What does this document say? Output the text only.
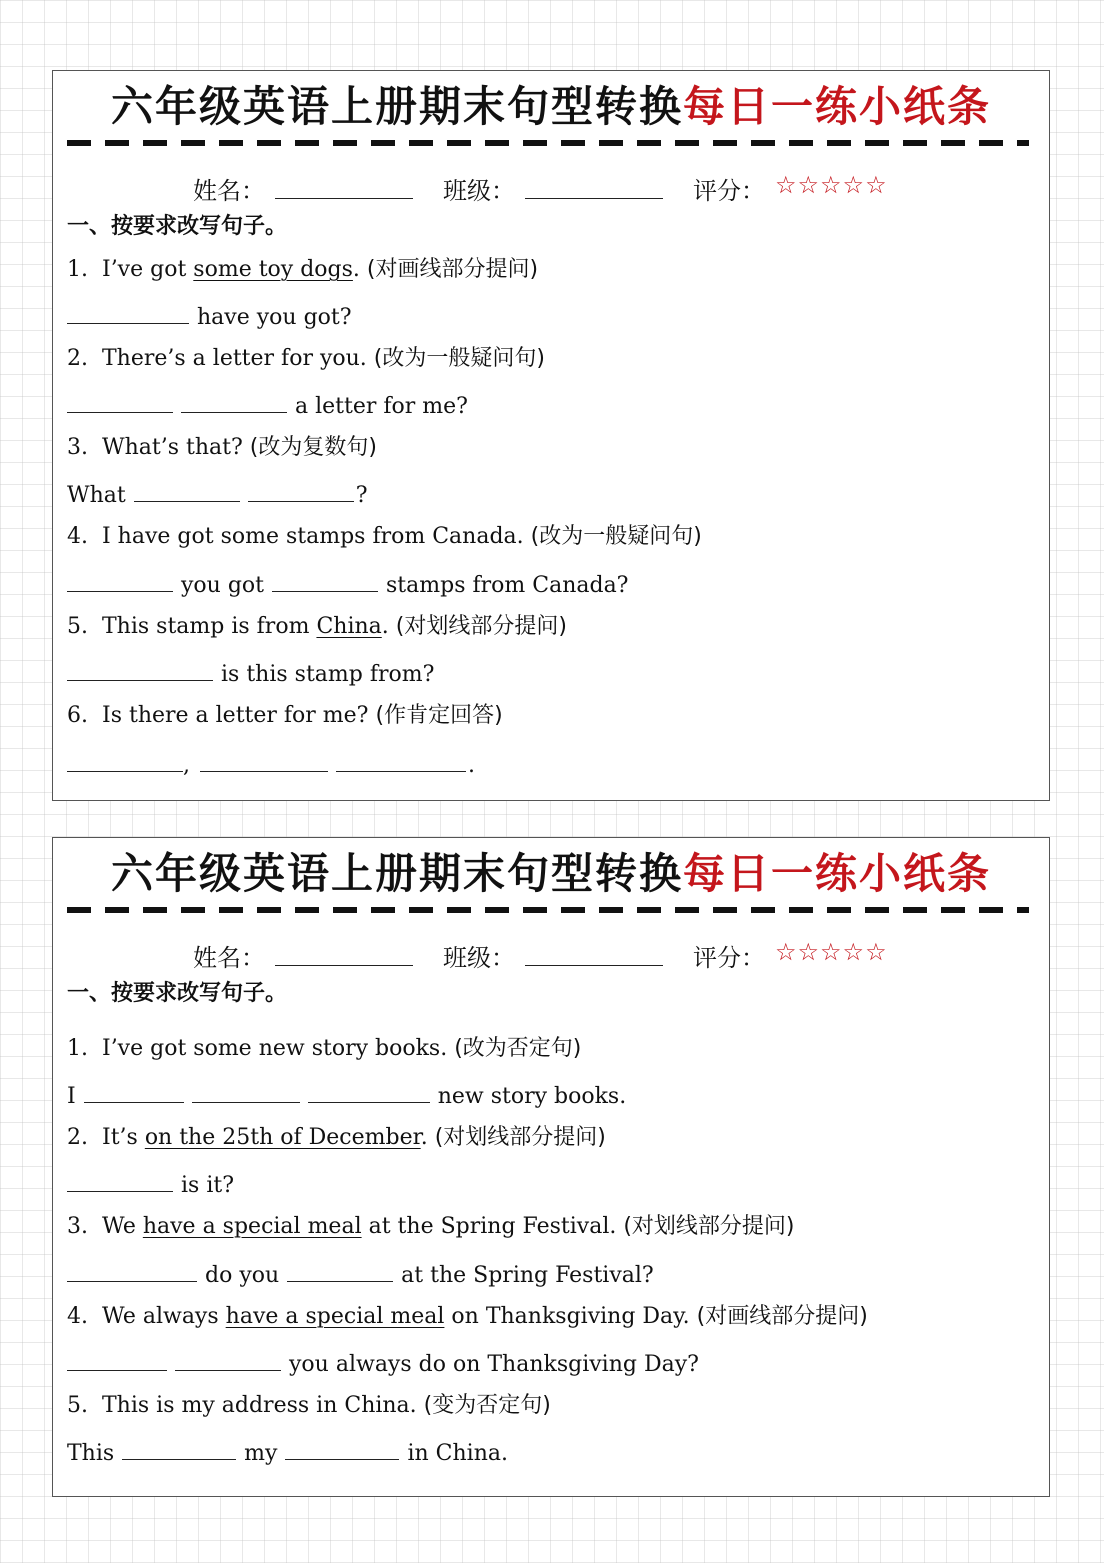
六年级英语上册期末句型转换每日一练小纸条
姓名：	班级：	评分： ☆☆☆☆☆
一、按要求改写句子。
1. I’ve got some toy dogs. (对画线部分提问)
have you got?
2. There’s a letter for you. (改为一般疑问句)
a letter for me?
3. What’s that? (改为复数句)
What	?
4. I have got some stamps from Canada. (改为一般疑问句)
you got	stamps from Canada?
5. This stamp is from China. (对划线部分提问)
is this stamp from?
6. Is there a letter for me? (作肯定回答)
,	.
六年级英语上册期末句型转换每日一练小纸条
姓名：	班级：	评分： ☆☆☆☆☆
一、按要求改写句子。
1. I’ve got some new story books. (改为否定句)
I	new story books.
2. It’s on the 25th of December. (对划线部分提问)
is it?
3. We have a special meal at the Spring Festival. (对划线部分提问)
do you	at the Spring Festival?
4. We always have a special meal on Thanksgiving Day. (对画线部分提问)
you always do on Thanksgiving Day?
5. This is my address in China. (变为否定句)
This	my	in China.
